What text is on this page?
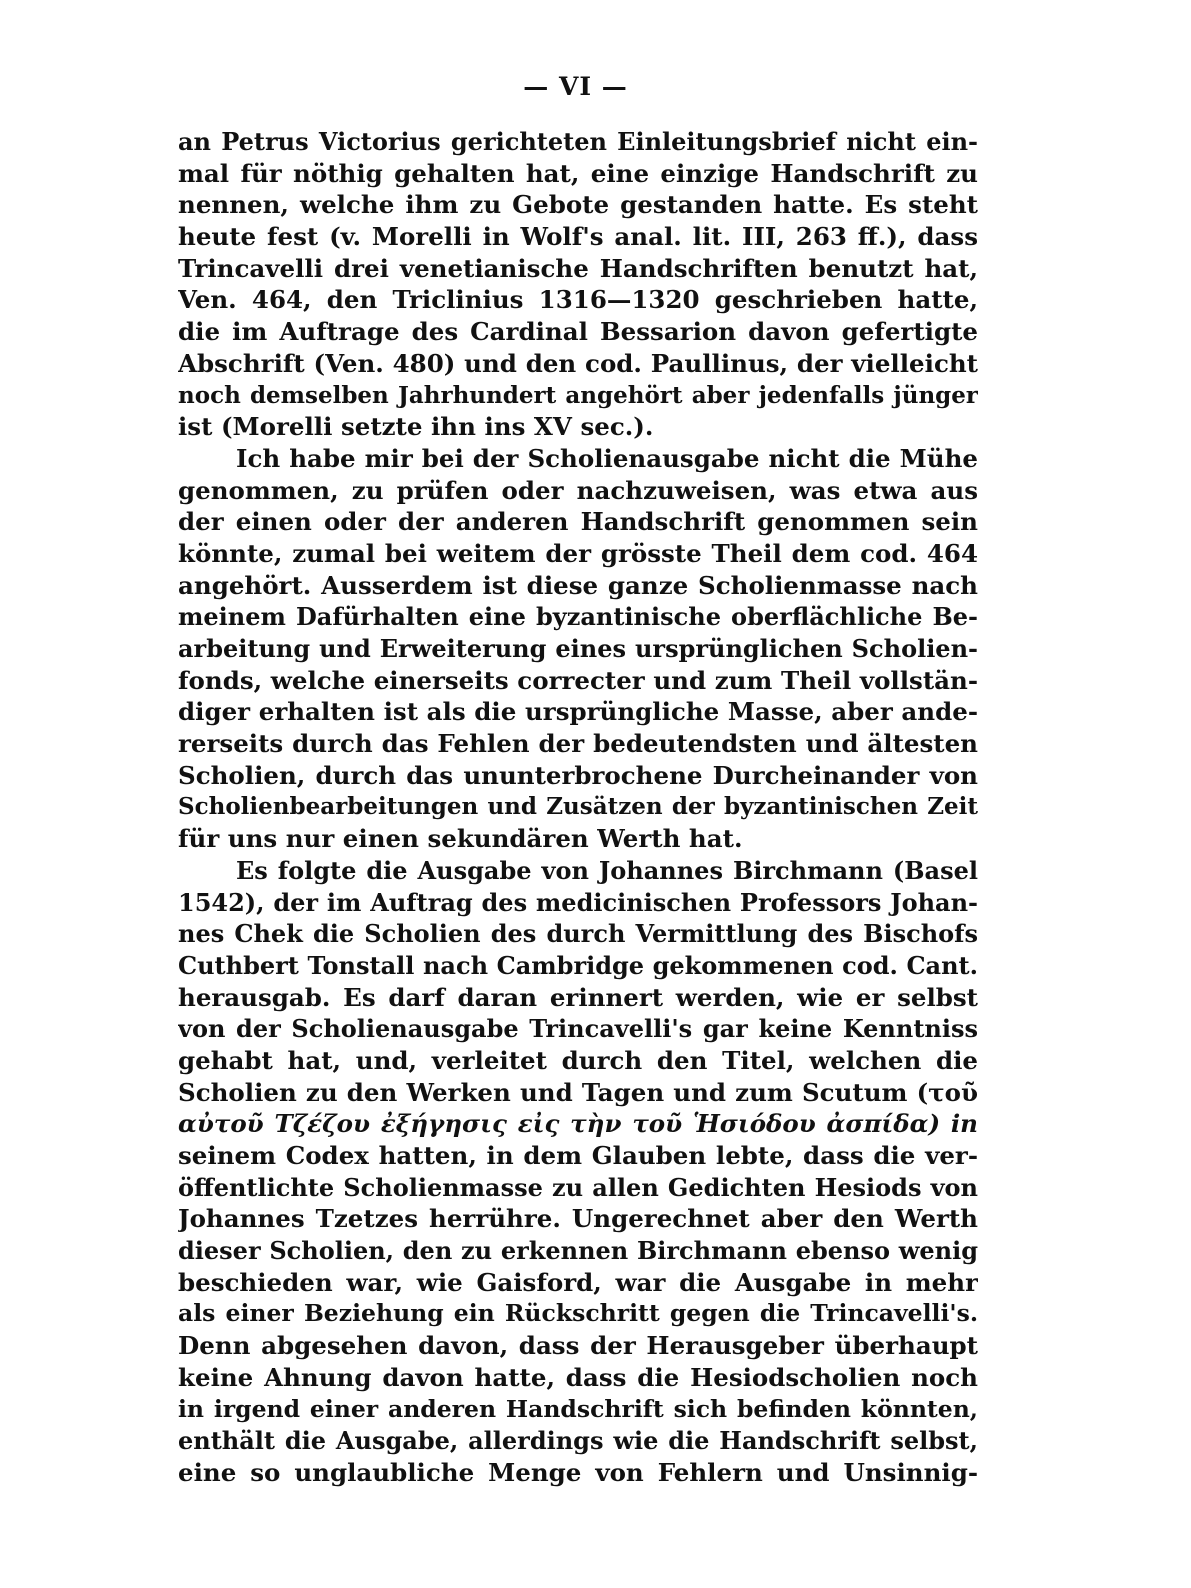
— VI —
an Petrus Victorius gerichteten Einleitungsbrief nicht ein-
mal für nöthig gehalten hat, eine einzige Handschrift zu
nennen, welche ihm zu Gebote gestanden hatte. Es steht
heute fest (v. Morelli in Wolf's anal. lit. III, 263 ff.), dass
Trincavelli drei venetianische Handschriften benutzt hat,
Ven. 464, den Triclinius 1316—1320 geschrieben hatte,
die im Auftrage des Cardinal Bessarion davon gefertigte
Abschrift (Ven. 480) und den cod. Paullinus, der vielleicht
noch demselben Jahrhundert angehört aber jedenfalls jünger
ist (Morelli setzte ihn ins XV sec.).
Ich habe mir bei der Scholienausgabe nicht die Mühe
genommen, zu prüfen oder nachzuweisen, was etwa aus
der einen oder der anderen Handschrift genommen sein
könnte, zumal bei weitem der grösste Theil dem cod. 464
angehört. Ausserdem ist diese ganze Scholienmasse nach
meinem Dafürhalten eine byzantinische oberflächliche Be-
arbeitung und Erweiterung eines ursprünglichen Scholien-
fonds, welche einerseits correcter und zum Theil vollstän-
diger erhalten ist als die ursprüngliche Masse, aber ande-
rerseits durch das Fehlen der bedeutendsten und ältesten
Scholien, durch das ununterbrochene Durcheinander von
Scholienbearbeitungen und Zusätzen der byzantinischen Zeit
für uns nur einen sekundären Werth hat.
Es folgte die Ausgabe von Johannes Birchmann (Basel
1542), der im Auftrag des medicinischen Professors Johan-
nes Chek die Scholien des durch Vermittlung des Bischofs
Cuthbert Tonstall nach Cambridge gekommenen cod. Cant.
herausgab. Es darf daran erinnert werden, wie er selbst
von der Scholienausgabe Trincavelli's gar keine Kenntniss
gehabt hat, und, verleitet durch den Titel, welchen die
Scholien zu den Werken und Tagen und zum Scutum (τοῦ
αὐτοῦ Τζέζου ἐξήγησις εἰς τὴν τοῦ Ἡσιόδου ἀσπίδα) in
seinem Codex hatten, in dem Glauben lebte, dass die ver-
öffentlichte Scholienmasse zu allen Gedichten Hesiods von
Johannes Tzetzes herrühre. Ungerechnet aber den Werth
dieser Scholien, den zu erkennen Birchmann ebenso wenig
beschieden war, wie Gaisford, war die Ausgabe in mehr
als einer Beziehung ein Rückschritt gegen die Trincavelli's.
Denn abgesehen davon, dass der Herausgeber überhaupt
keine Ahnung davon hatte, dass die Hesiodscholien noch
in irgend einer anderen Handschrift sich befinden könnten,
enthält die Ausgabe, allerdings wie die Handschrift selbst,
eine so unglaubliche Menge von Fehlern und Unsinnig-
